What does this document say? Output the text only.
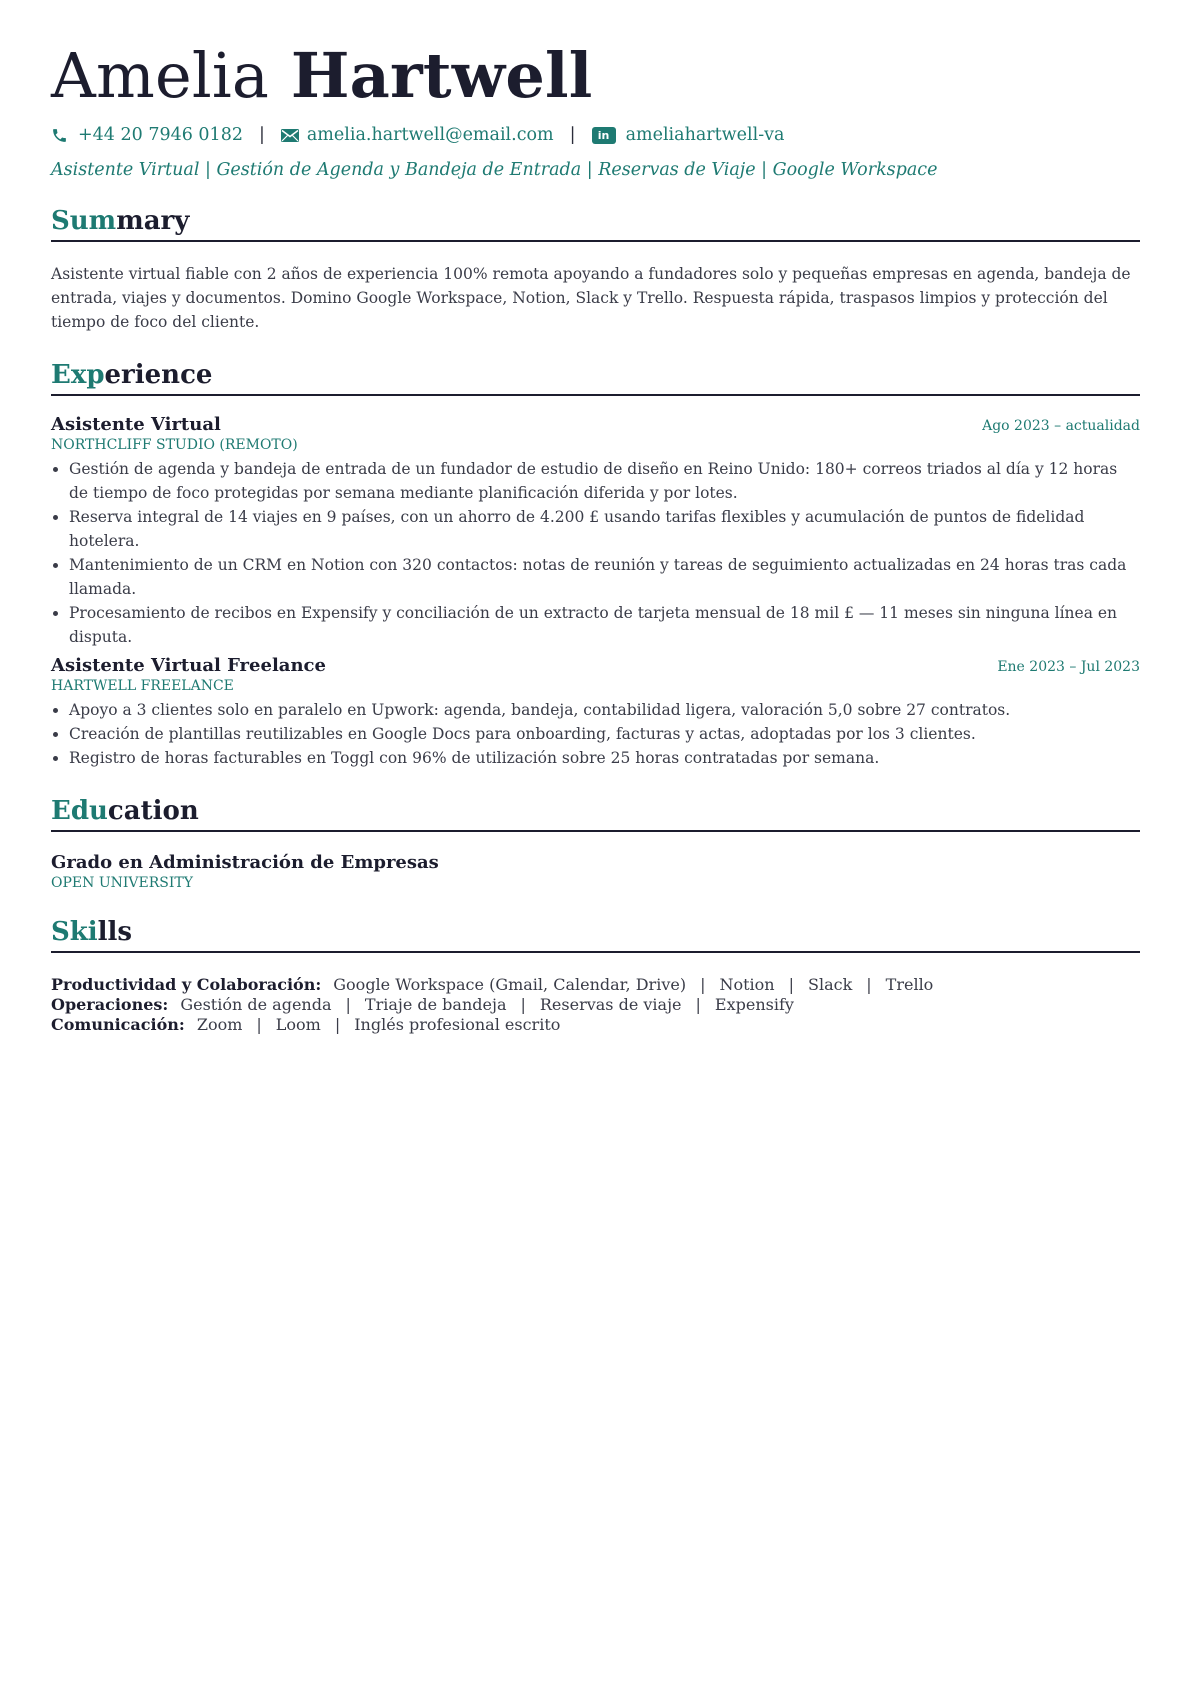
Amelia Hartwell
+44 20 7946 0182 | amelia.hartwell@email.com |	in ameliahartwell-va
Asistente Virtual | Gestión de Agenda y Bandeja de Entrada | Reservas de Viaje | Google Workspace
Summary
Asistente virtual fiable con 2 años de experiencia 100% remota apoyando a fundadores solo y pequeñas empresas en agenda, bandeja de entrada, viajes y documentos. Domino Google Workspace, Notion, Slack y Trello. Respuesta rápida, traspasos limpios y protección del tiempo de foco del cliente.
Experience
Asistente Virtual	Ago 2023 – actualidad
NORTHCLIFF STUDIO (REMOTO)
• Gestión de agenda y bandeja de entrada de un fundador de estudio de diseño en Reino Unido: 180+ correos triados al día y 12 horas de tiempo de foco protegidas por semana mediante planificación diferida y por lotes.
• Reserva integral de 14 viajes en 9 países, con un ahorro de 4.200 £ usando tarifas flexibles y acumulación de puntos de fidelidad hotelera.
• Mantenimiento de un CRM en Notion con 320 contactos: notas de reunión y tareas de seguimiento actualizadas en 24 horas tras cada llamada.
• Procesamiento de recibos en Expensify y conciliación de un extracto de tarjeta mensual de 18 mil £ — 11 meses sin ninguna línea en disputa.
Asistente Virtual Freelance	Ene 2023 – Jul 2023
HARTWELL FREELANCE
• Apoyo a 3 clientes solo en paralelo en Upwork: agenda, bandeja, contabilidad ligera, valoración 5,0 sobre 27 contratos.
• Creación de plantillas reutilizables en Google Docs para onboarding, facturas y actas, adoptadas por los 3 clientes.
• Registro de horas facturables en Toggl con 96% de utilización sobre 25 horas contratadas por semana.
Education
Grado en Administración de Empresas
OPEN UNIVERSITY
Skills
Productividad y Colaboración: Google Workspace (Gmail, Calendar, Drive) | Notion | Slack | Trello
Operaciones: Gestión de agenda | Triaje de bandeja | Reservas de viaje | Expensify
Comunicación: Zoom | Loom | Inglés profesional escrito
